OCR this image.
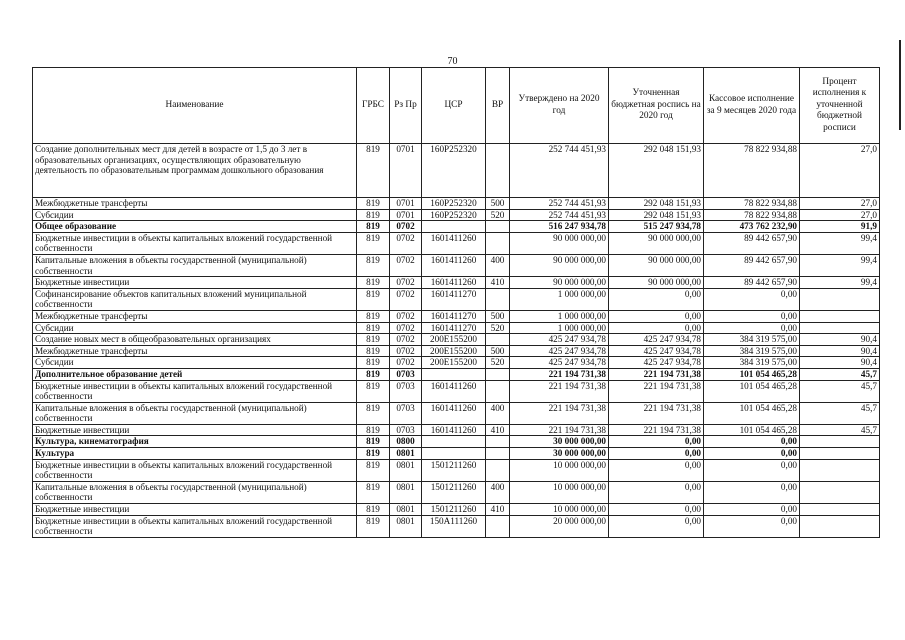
70
Наименование	ГРБС	Рз Пр	ЦСР	ВР	Утверждено на 2020 год	Уточненная бюджетная роспись на 2020 год	Кассовое исполнение за 9 месяцев 2020 года	Процент исполнения к уточненной бюджетной росписи
Создание дополнительных мест для детей в возрасте от 1,5 до 3 лет в образовательных организациях, осуществляющих образовательную деятельность по образовательным программам дошкольного образования	819	0701	160P252320		252 744 451,93	292 048 151,93	78 822 934,88	27,0
Межбюджетные трансферты	819	0701	160P252320	500	252 744 451,93	292 048 151,93	78 822 934,88	27,0
Субсидии	819	0701	160P252320	520	252 744 451,93	292 048 151,93	78 822 934,88	27,0
Общее образование	819	0702			516 247 934,78	515 247 934,78	473 762 232,90	91,9
Бюджетные инвестиции в объекты капитальных вложений государственной собственности	819	0702	1601411260		90 000 000,00	90 000 000,00	89 442 657,90	99,4
Капитальные вложения в объекты государственной (муниципальной) собственности	819	0702	1601411260	400	90 000 000,00	90 000 000,00	89 442 657,90	99,4
Бюджетные инвестиции	819	0702	1601411260	410	90 000 000,00	90 000 000,00	89 442 657,90	99,4
Софинансирование объектов капитальных вложений муниципальной собственности	819	0702	1601411270		1 000 000,00	0,00	0,00	
Межбюджетные трансферты	819	0702	1601411270	500	1 000 000,00	0,00	0,00	
Субсидии	819	0702	1601411270	520	1 000 000,00	0,00	0,00	
Создание новых мест в общеобразовательных организациях	819	0702	200E155200		425 247 934,78	425 247 934,78	384 319 575,00	90,4
Межбюджетные трансферты	819	0702	200E155200	500	425 247 934,78	425 247 934,78	384 319 575,00	90,4
Субсидии	819	0702	200E155200	520	425 247 934,78	425 247 934,78	384 319 575,00	90,4
Дополнительное образование детей	819	0703			221 194 731,38	221 194 731,38	101 054 465,28	45,7
Бюджетные инвестиции в объекты капитальных вложений государственной собственности	819	0703	1601411260		221 194 731,38	221 194 731,38	101 054 465,28	45,7
Капитальные вложения в объекты государственной (муниципальной) собственности	819	0703	1601411260	400	221 194 731,38	221 194 731,38	101 054 465,28	45,7
Бюджетные инвестиции	819	0703	1601411260	410	221 194 731,38	221 194 731,38	101 054 465,28	45,7
Культура, кинематография	819	0800			30 000 000,00	0,00	0,00	
Культура	819	0801			30 000 000,00	0,00	0,00	
Бюджетные инвестиции в объекты капитальных вложений государственной собственности	819	0801	1501211260		10 000 000,00	0,00	0,00	
Капитальные вложения в объекты государственной (муниципальной) собственности	819	0801	1501211260	400	10 000 000,00	0,00	0,00	
Бюджетные инвестиции	819	0801	1501211260	410	10 000 000,00	0,00	0,00	
Бюджетные инвестиции в объекты капитальных вложений государственной собственности	819	0801	150A111260		20 000 000,00	0,00	0,00	
